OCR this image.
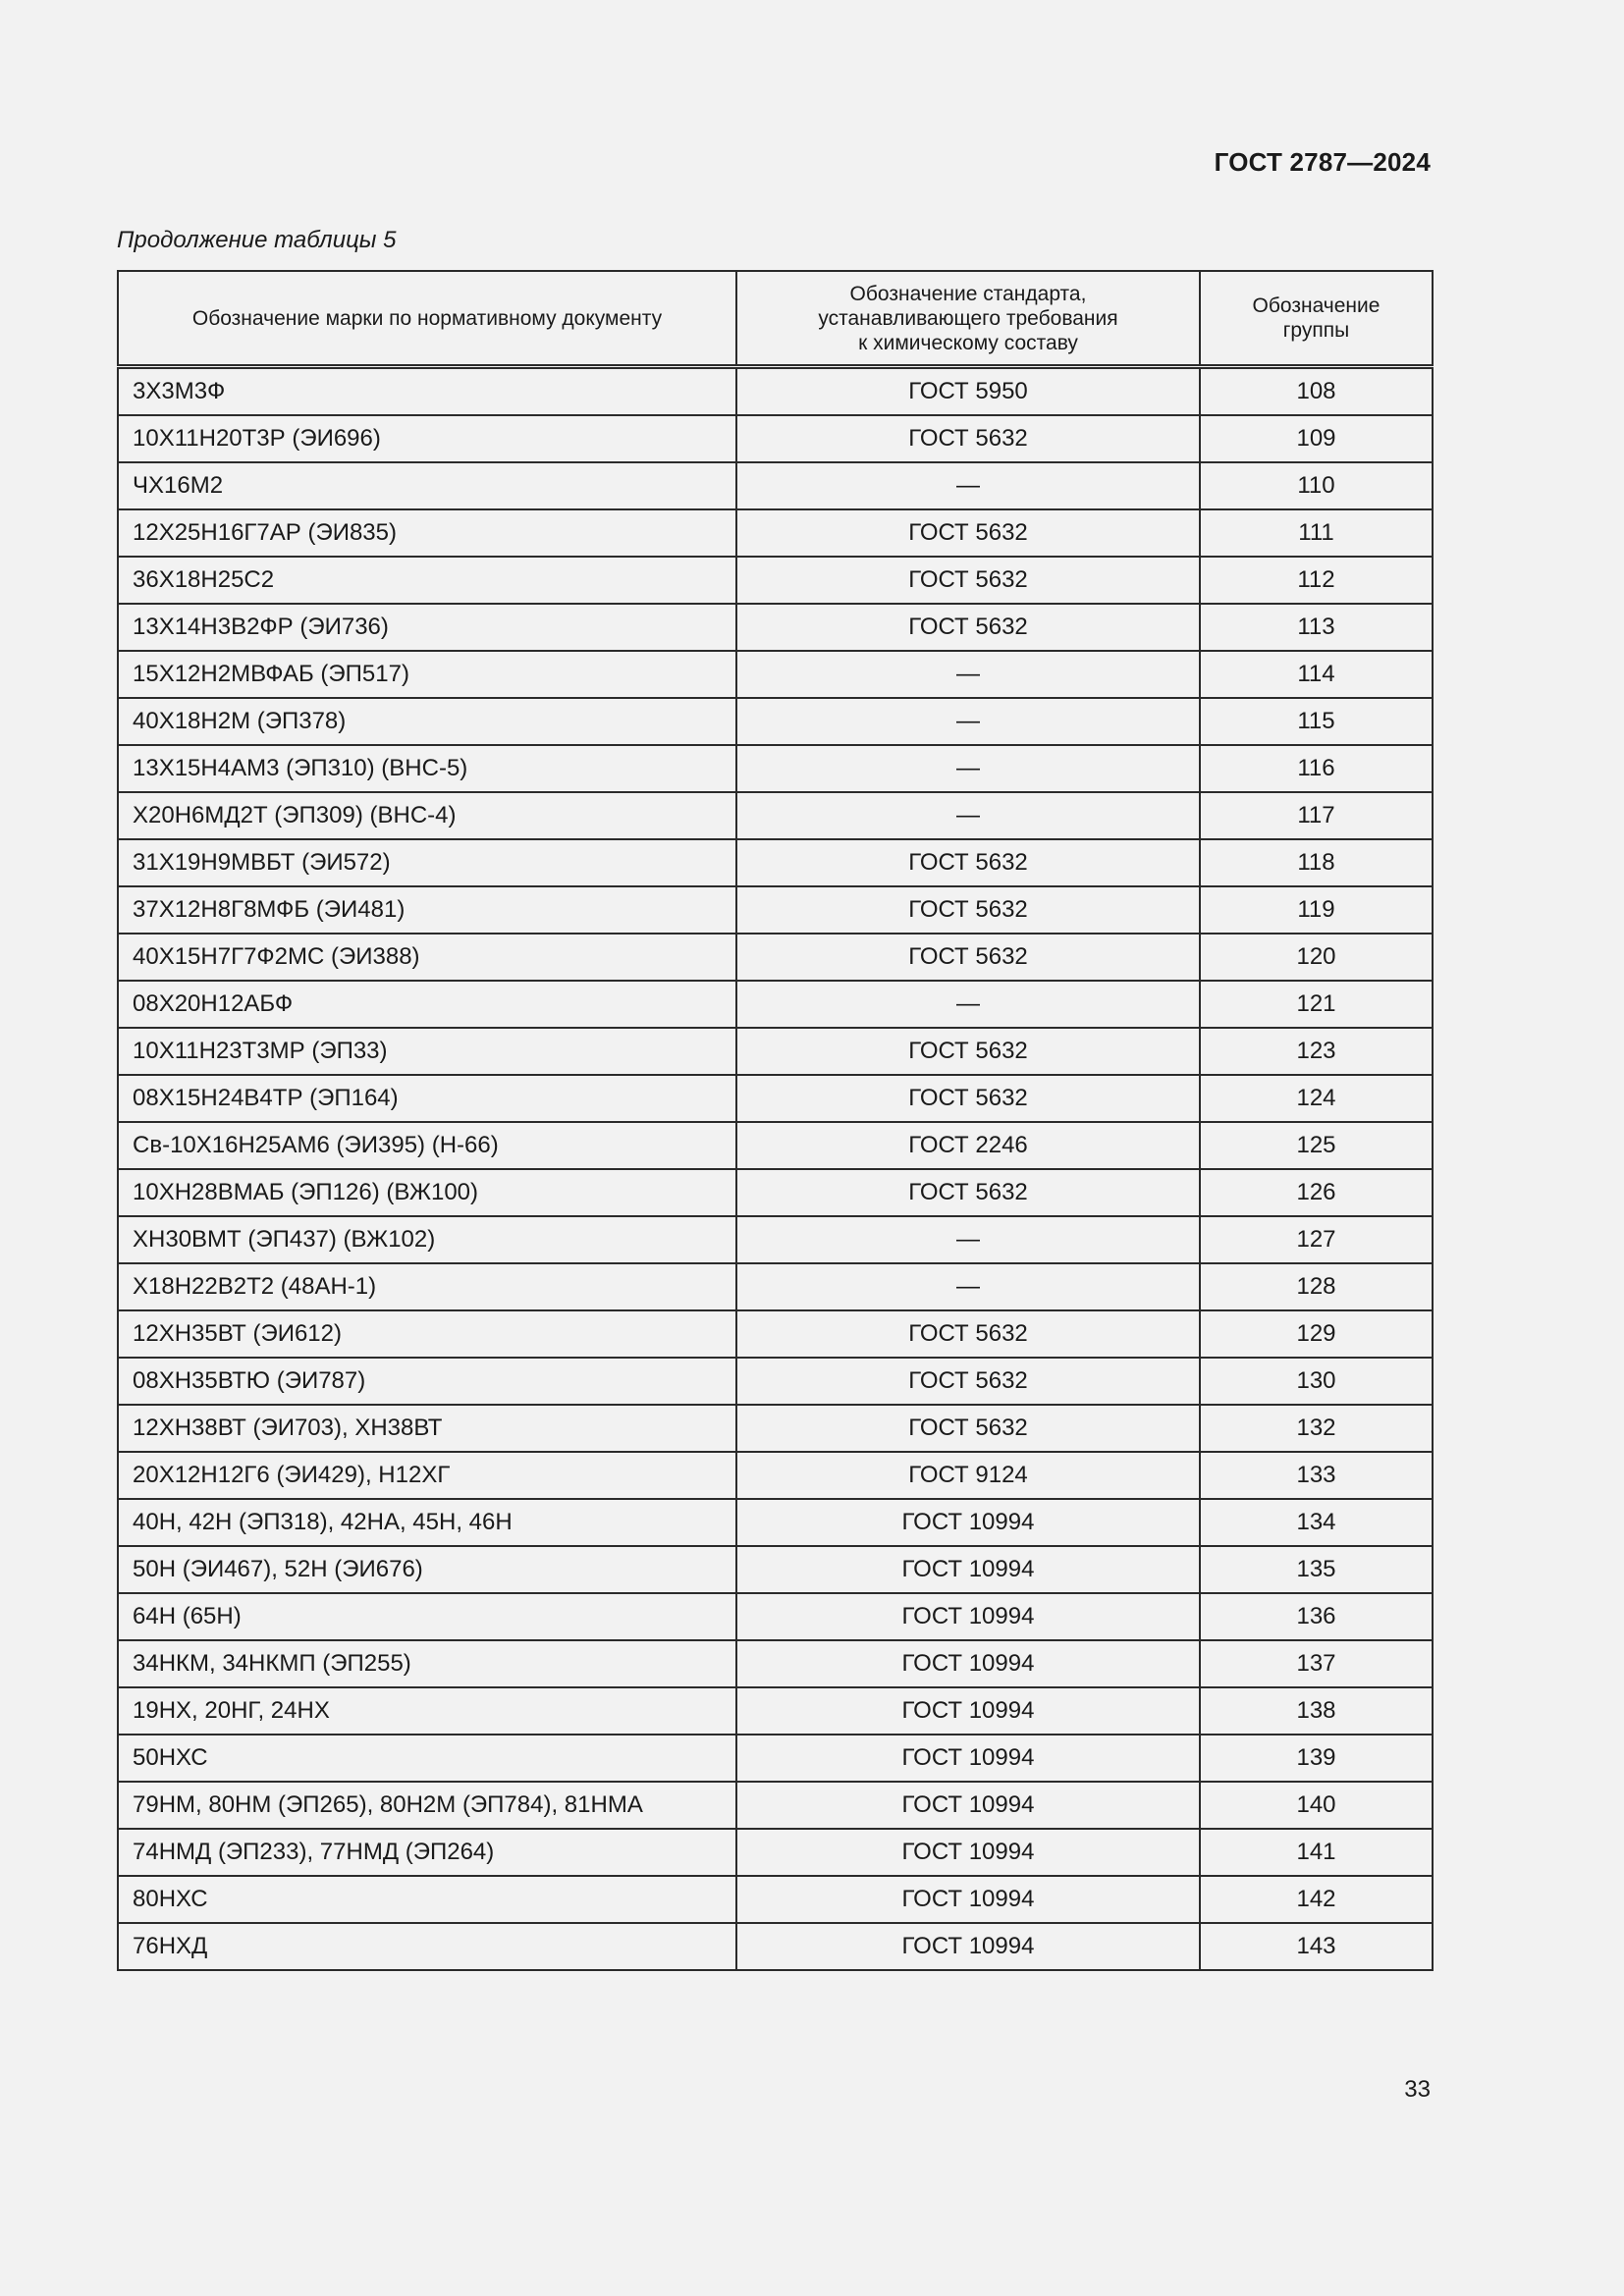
ГОСТ 2787—2024
Продолжение таблицы 5
Обозначение марки по нормативному документу	Обозначение стандарта, устанавливающего требования к химическому составу	Обозначение группы

3Х3М3Ф	ГОСТ 5950	108
10Х11Н20Т3Р (ЭИ696)	ГОСТ 5632	109
ЧХ16М2	—	110
12Х25Н16Г7АР (ЭИ835)	ГОСТ 5632	111
36Х18Н25С2	ГОСТ 5632	112
13Х14Н3В2ФР (ЭИ736)	ГОСТ 5632	113
15Х12Н2МВФАБ (ЭП517)	—	114
40Х18Н2М (ЭП378)	—	115
13Х15Н4АМ3 (ЭП310) (ВНС-5)	—	116
Х20Н6МД2Т (ЭП309) (ВНС-4)	—	117
31Х19Н9МВБТ (ЭИ572)	ГОСТ 5632	118
37Х12Н8Г8МФБ (ЭИ481)	ГОСТ 5632	119
40Х15Н7Г7Ф2МС (ЭИ388)	ГОСТ 5632	120
08Х20Н12АБФ	—	121
10Х11Н23Т3МР (ЭП33)	ГОСТ 5632	123
08Х15Н24В4ТР (ЭП164)	ГОСТ 5632	124
Св-10Х16Н25АМ6 (ЭИ395) (Н-66)	ГОСТ 2246	125
10ХН28ВМАБ (ЭП126) (ВЖ100)	ГОСТ 5632	126
ХН30ВМТ (ЭП437) (ВЖ102)	—	127
Х18Н22В2Т2 (48АН-1)	—	128
12ХН35ВТ (ЭИ612)	ГОСТ 5632	129
08ХН35ВТЮ (ЭИ787)	ГОСТ 5632	130
12ХН38ВТ (ЭИ703), ХН38ВТ	ГОСТ 5632	132
20Х12Н12Г6 (ЭИ429), Н12ХГ	ГОСТ 9124	133
40Н, 42Н (ЭП318), 42НА, 45Н, 46Н	ГОСТ 10994	134
50Н (ЭИ467), 52Н (ЭИ676)	ГОСТ 10994	135
64Н (65Н)	ГОСТ 10994	136
34НКМ, 34НКМП (ЭП255)	ГОСТ 10994	137
19НХ, 20НГ, 24НХ	ГОСТ 10994	138
50НХС	ГОСТ 10994	139
79НМ, 80НМ (ЭП265), 80Н2М (ЭП784), 81НМА	ГОСТ 10994	140
74НМД (ЭП233), 77НМД (ЭП264)	ГОСТ 10994	141
80НХС	ГОСТ 10994	142
76НХД	ГОСТ 10994	143
33
